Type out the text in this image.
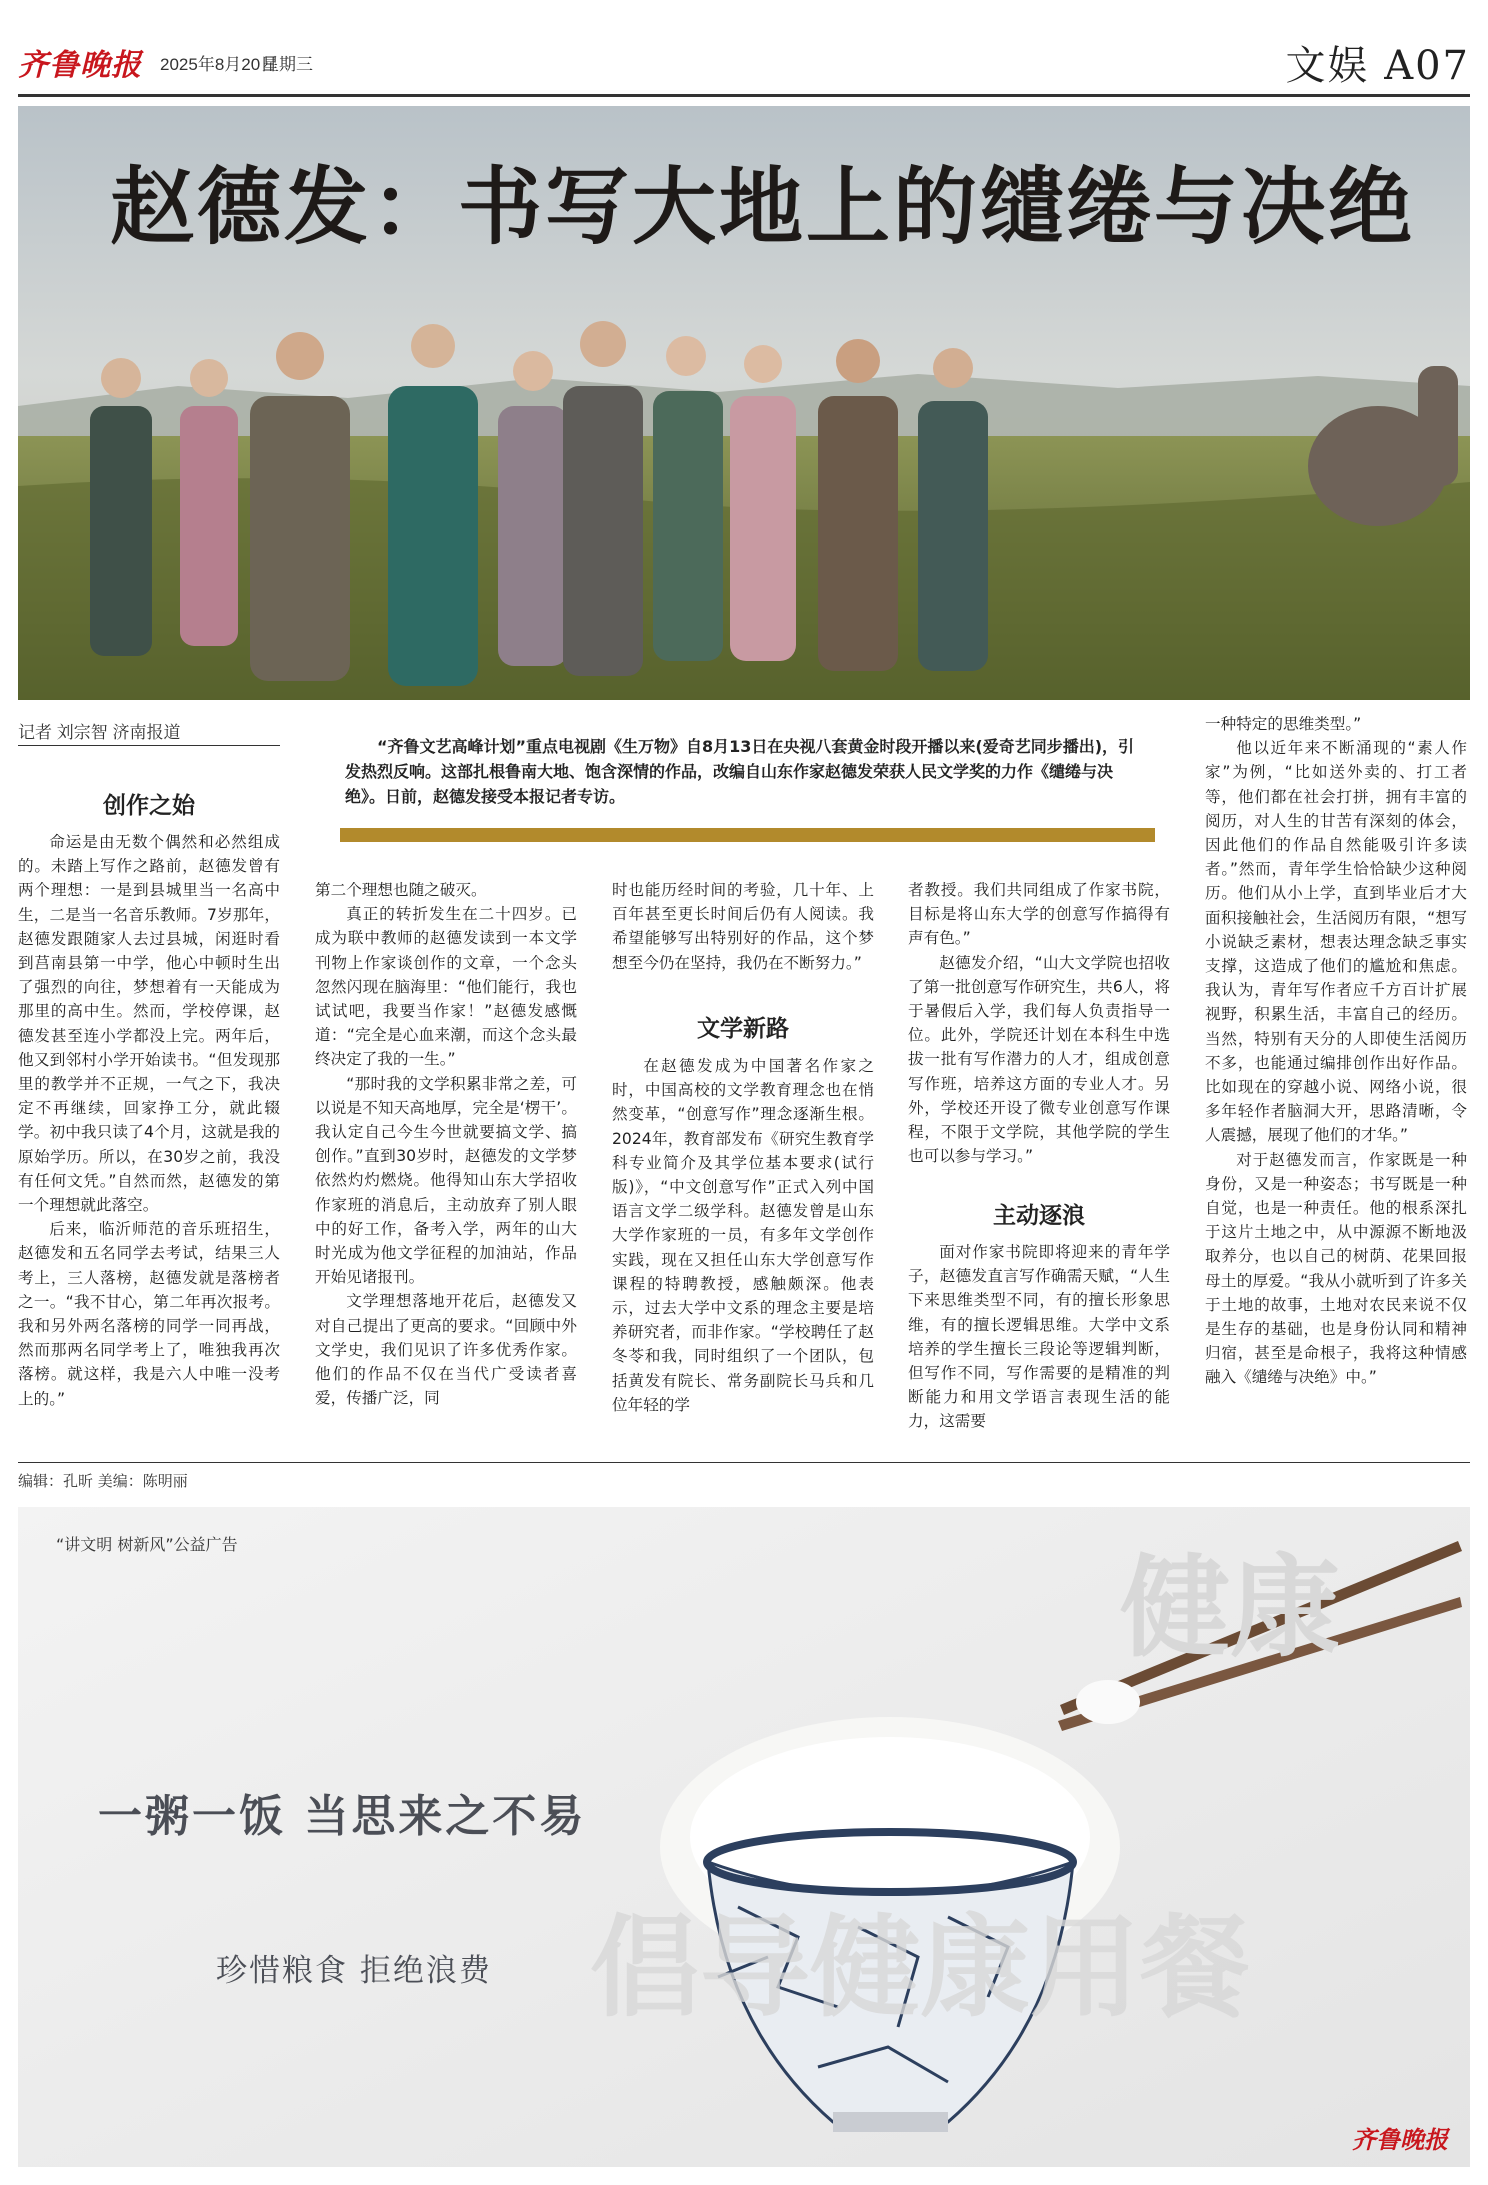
齐鲁晚报 2025年8月20日
星期三	文娱 A07
赵德发：书写大地上的缱绻与决绝
记者 刘宗智 济南报道
“齐鲁文艺高峰计划”重点电视剧《生万物》自8月13日在央视八套黄金时段开播以来(爱奇艺同步播出)，引发热烈反响。这部扎根鲁南大地、饱含深情的作品，改编自山东作家赵德发荣获人民文学奖的力作《缱绻与决绝》。日前，赵德发接受本报记者专访。
创作之始

命运是由无数个偶然和必然组成的。未踏上写作之路前，赵德发曾有两个理想：一是到县城里当一名高中生，二是当一名音乐教师。7岁那年，赵德发跟随家人去过县城，闲逛时看到莒南县第一中学，他心中顿时生出了强烈的向往，梦想着有一天能成为那里的高中生。然而，学校停课，赵德发甚至连小学都没上完。两年后，他又到邻村小学开始读书。“但发现那里的教学并不正规，一气之下，我决定不再继续，回家挣工分，就此辍学。初中我只读了4个月，这就是我的原始学历。所以，在30岁之前，我没有任何文凭。”自然而然，赵德发的第一个理想就此落空。

后来，临沂师范的音乐班招生，赵德发和五名同学去考试，结果三人考上，三人落榜，赵德发就是落榜者之一。“我不甘心，第二年再次报考。我和另外两名落榜的同学一同再战，然而那两名同学考上了，唯独我再次落榜。就这样，我是六人中唯一没考上的。”

第二个理想也随之破灭。

真正的转折发生在二十四岁。已成为联中教师的赵德发读到一本文学刊物上作家谈创作的文章，一个念头忽然闪现在脑海里：“他们能行，我也试试吧，我要当作家！”赵德发感慨道：“完全是心血来潮，而这个念头最终决定了我的一生。”

“那时我的文学积累非常之差，可以说是不知天高地厚，完全是‘楞干’。我认定自己今生今世就要搞文学、搞创作。”直到30岁时，赵德发的文学梦依然灼灼燃烧。他得知山东大学招收作家班的消息后，主动放弃了别人眼中的好工作，备考入学，两年的山大时光成为他文学征程的加油站，作品开始见诸报刊。

文学理想落地开花后，赵德发又对自己提出了更高的要求。“回顾中外文学史，我们见识了许多优秀作家。他们的作品不仅在当代广受读者喜爱，传播广泛，同

时也能历经时间的考验，几十年、上百年甚至更长时间后仍有人阅读。我希望能够写出特别好的作品，这个梦想至今仍在坚持，我仍在不断努力。”

文学新路

在赵德发成为中国著名作家之时，中国高校的文学教育理念也在悄然变革，“创意写作”理念逐渐生根。2024年，教育部发布《研究生教育学科专业简介及其学位基本要求(试行版)》，“中文创意写作”正式入列中国语言文学二级学科。赵德发曾是山东大学作家班的一员，有多年文学创作实践，现在又担任山东大学创意写作课程的特聘教授，感触颇深。他表示，过去大学中文系的理念主要是培养研究者，而非作家。“学校聘任了赵冬苓和我，同时组织了一个团队，包括黄发有院长、常务副院长马兵和几位年轻的学

者教授。我们共同组成了作家书院，目标是将山东大学的创意写作搞得有声有色。”

赵德发介绍，“山大文学院也招收了第一批创意写作研究生，共6人，将于暑假后入学，我们每人负责指导一位。此外，学院还计划在本科生中选拔一批有写作潜力的人才，组成创意写作班，培养这方面的专业人才。另外，学校还开设了微专业创意写作课程，不限于文学院，其他学院的学生也可以参与学习。”

主动逐浪

面对作家书院即将迎来的青年学子，赵德发直言写作确需天赋，“人生下来思维类型不同，有的擅长形象思维，有的擅长逻辑思维。大学中文系培养的学生擅长三段论等逻辑判断，但写作不同，写作需要的是精准的判断能力和用文学语言表现生活的能力，这需要

一种特定的思维类型。”

他以近年来不断涌现的“素人作家”为例，“比如送外卖的、打工者等，他们都在社会打拼，拥有丰富的阅历，对人生的甘苦有深刻的体会，因此他们的作品自然能吸引许多读者。”然而，青年学生恰恰缺少这种阅历。他们从小上学，直到毕业后才大面积接触社会，生活阅历有限，“想写小说缺乏素材，想表达理念缺乏事实支撑，这造成了他们的尴尬和焦虑。我认为，青年写作者应千方百计扩展视野，积累生活，丰富自己的经历。当然，特别有天分的人即使生活阅历不多，也能通过编排创作出好作品。比如现在的穿越小说、网络小说，很多年轻作者脑洞大开，思路清晰，令人震撼，展现了他们的才华。”

对于赵德发而言，作家既是一种身份，又是一种姿态；书写既是一种自觉，也是一种责任。他的根系深扎于这片土地之中，从中源源不断地汲取养分，也以自己的树荫、花果回报母土的厚爱。“我从小就听到了许多关于土地的故事，土地对农民来说不仅是生存的基础，也是身份认同和精神归宿，甚至是命根子，我将这种情感融入《缱绻与决绝》中。”

编辑：孔昕 美编：陈明丽
健康
倡导健康用餐
“讲文明 树新风”公益广告
一粥一饭 当思来之不易
珍惜粮食 拒绝浪费
齐鲁晚报
